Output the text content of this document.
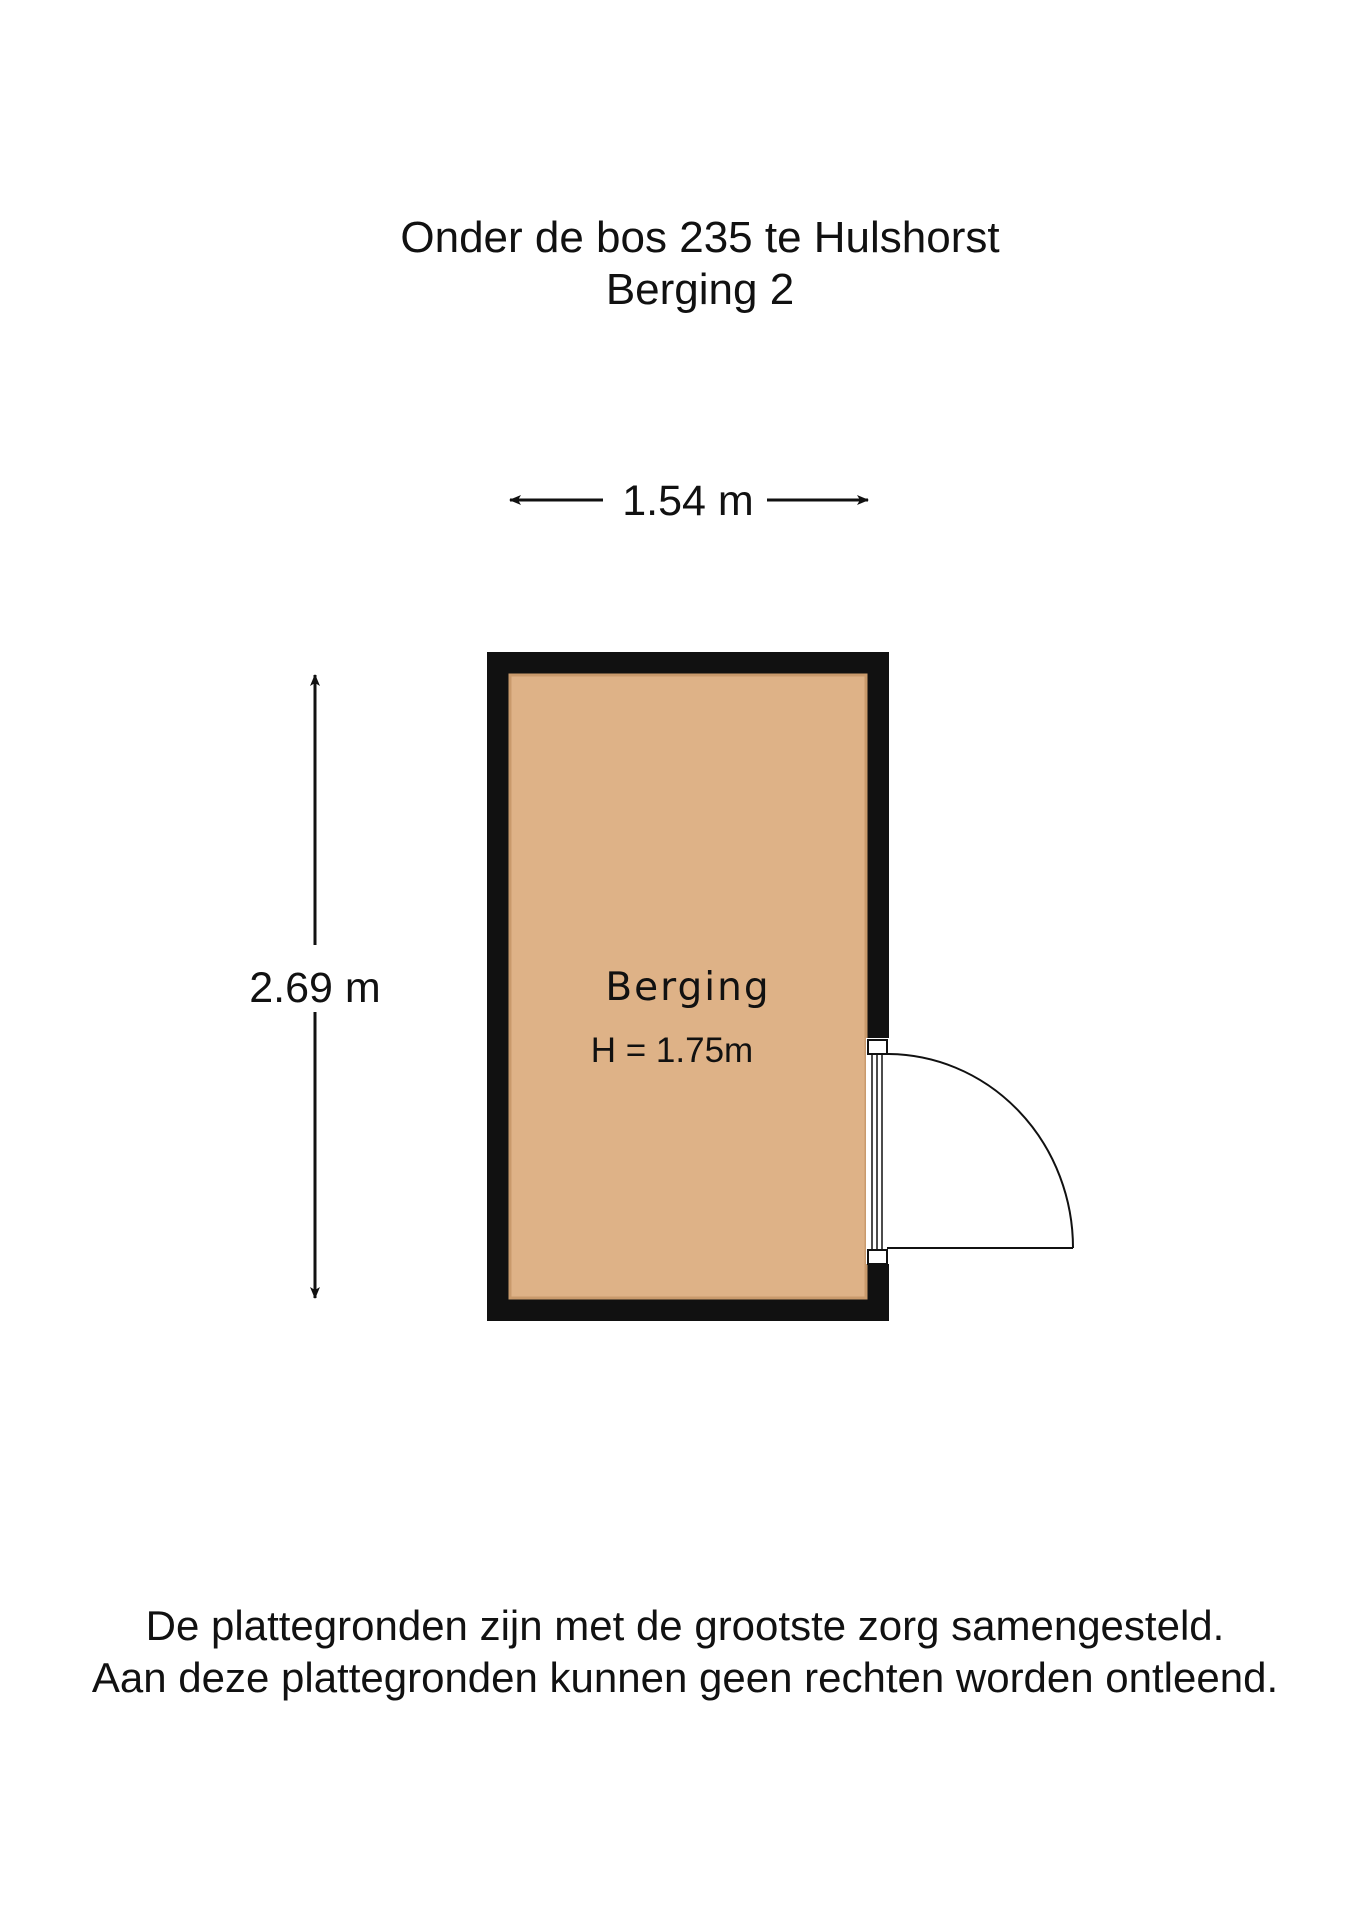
Onder de bos 235 te Hulshorst
Berging 2
1.54 m
2.69 m	Berging
H = 1.75m
De plattegronden zijn met de grootste zorg samengesteld.
Aan deze plattegronden kunnen geen rechten worden ontleend.
